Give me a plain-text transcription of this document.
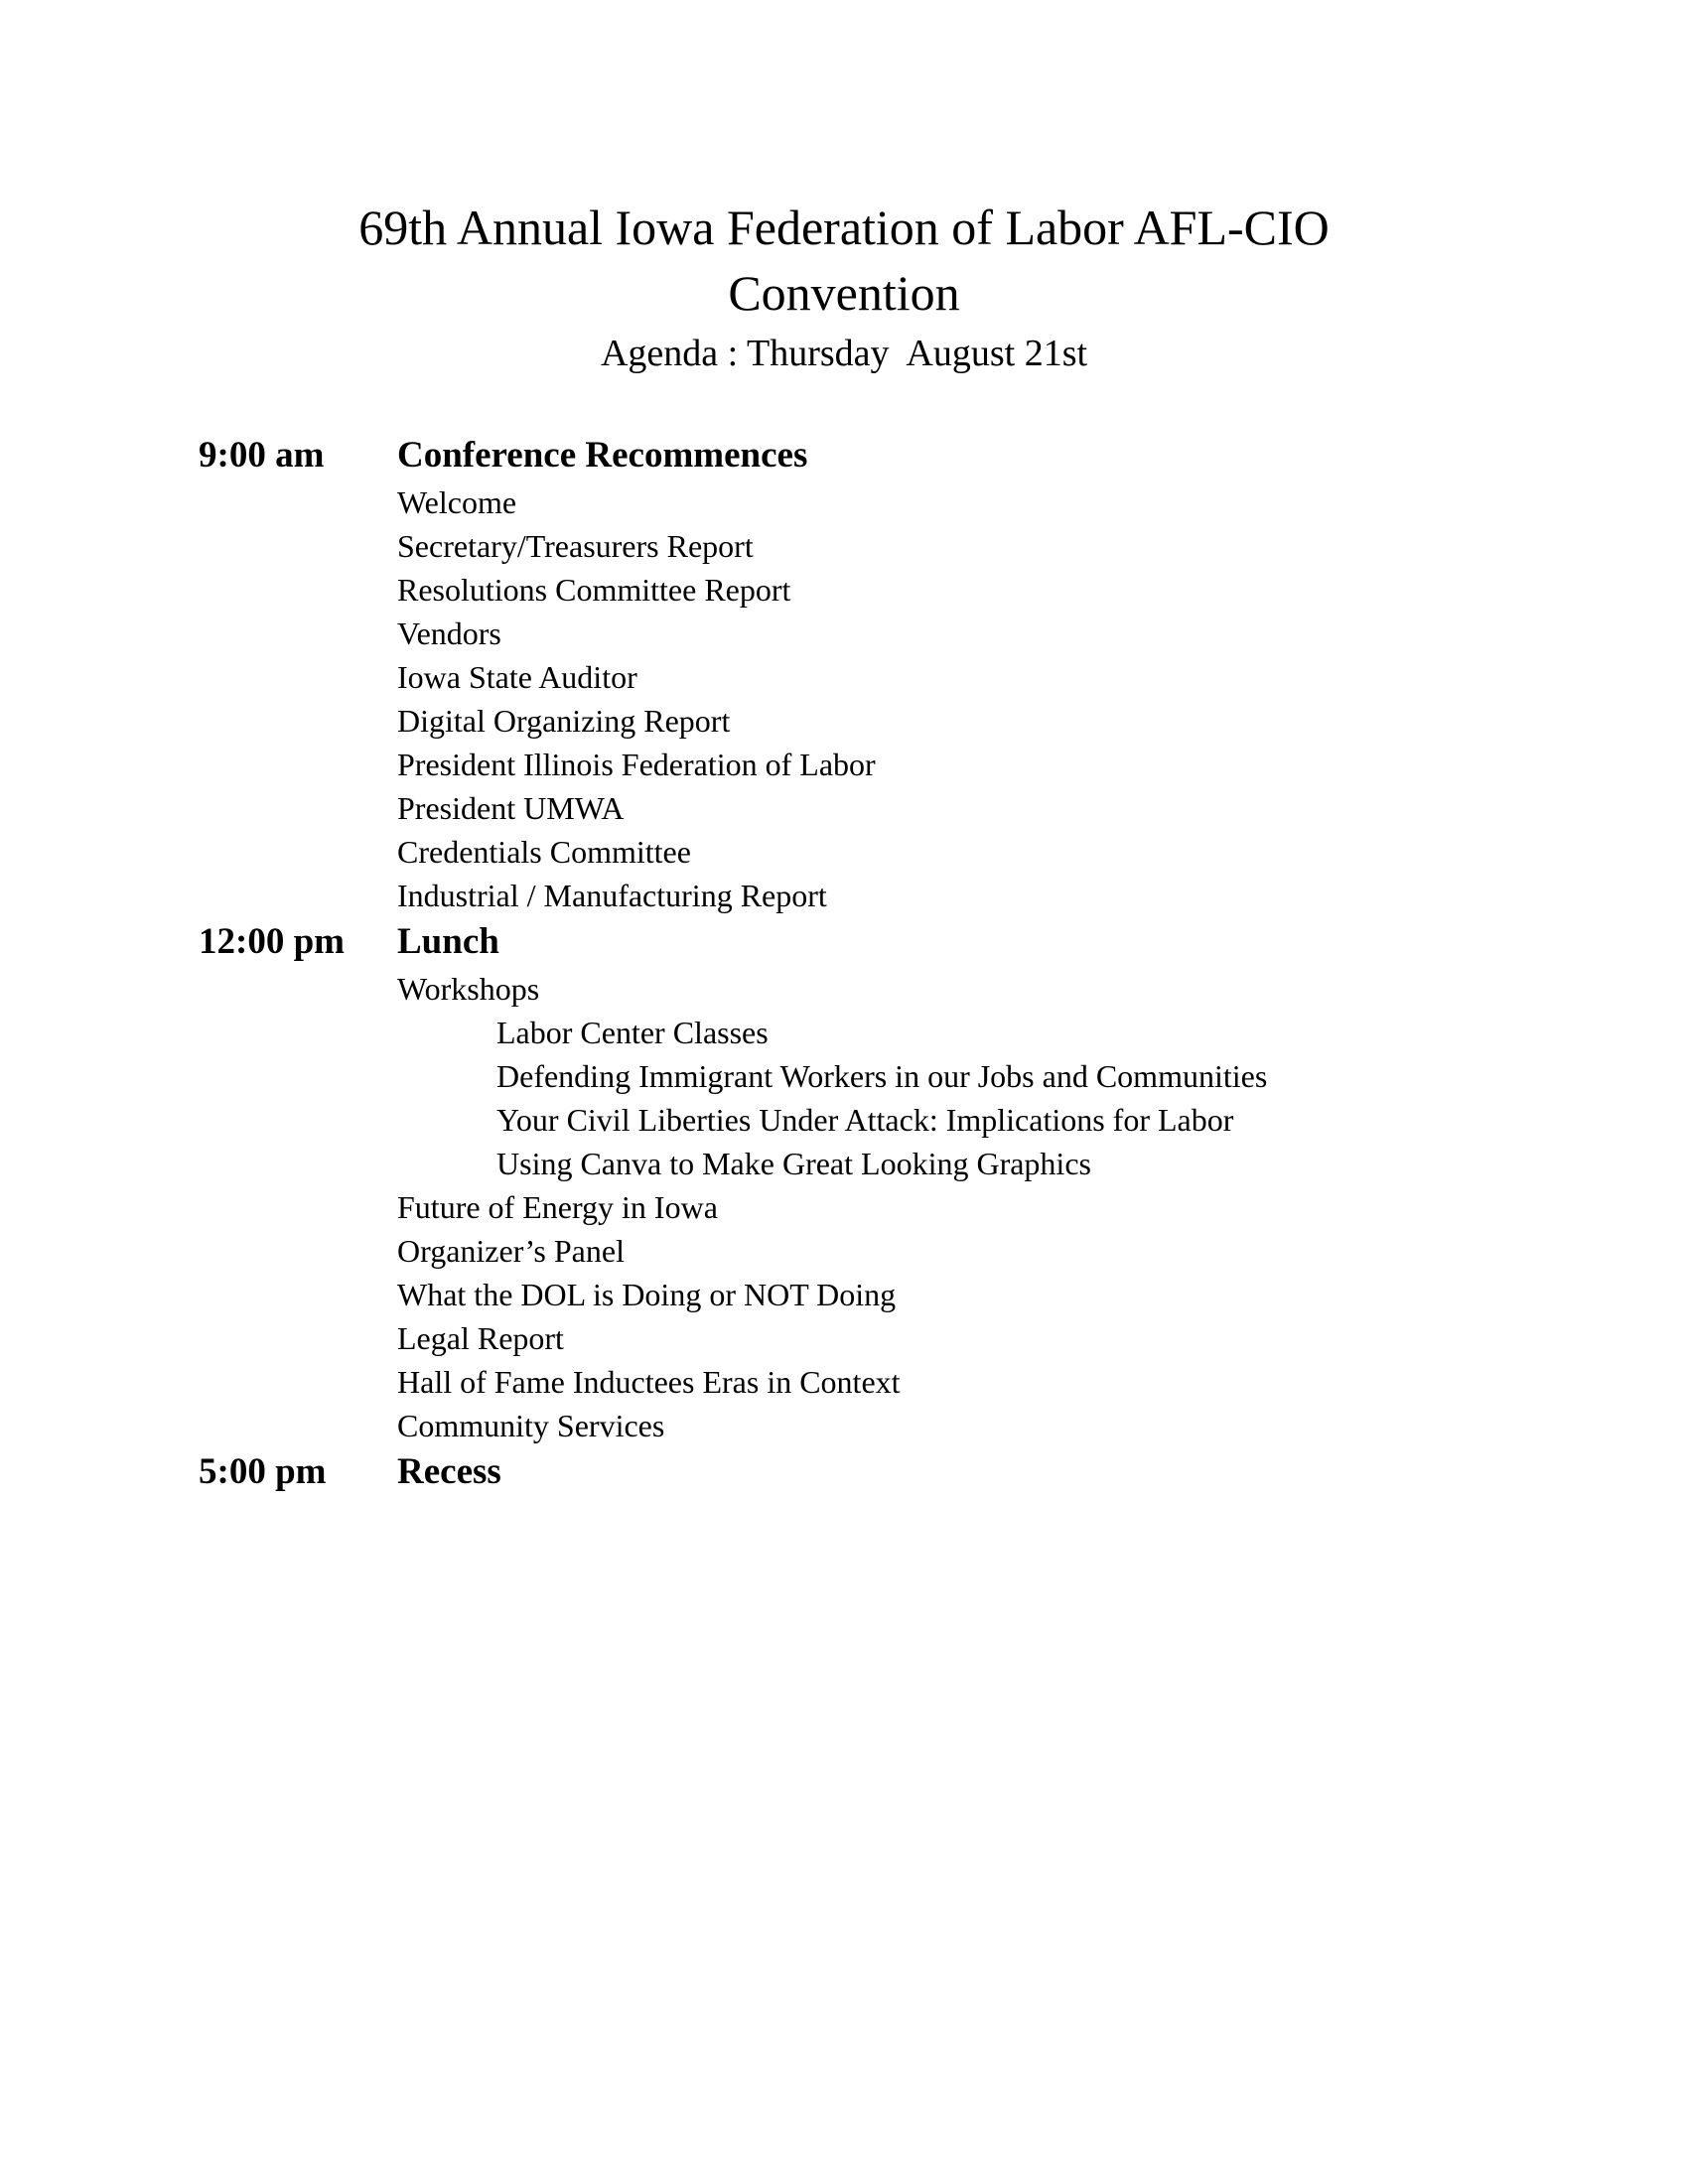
69th Annual Iowa Federation of Labor AFL-CIO
Convention
Agenda : Thursday  August 21st
9:00 am Conference Recommences
Welcome
Secretary/Treasurers Report
Resolutions Committee Report
Vendors
Iowa State Auditor
Digital Organizing Report
President Illinois Federation of Labor
President UMWA
Credentials Committee
Industrial / Manufacturing Report
12:00 pm Lunch
Workshops
Labor Center Classes
Defending Immigrant Workers in our Jobs and Communities
Your Civil Liberties Under Attack: Implications for Labor
Using Canva to Make Great Looking Graphics
Future of Energy in Iowa
Organizer’s Panel
What the DOL is Doing or NOT Doing
Legal Report
Hall of Fame Inductees Eras in Context
Community Services
5:00 pm Recess
